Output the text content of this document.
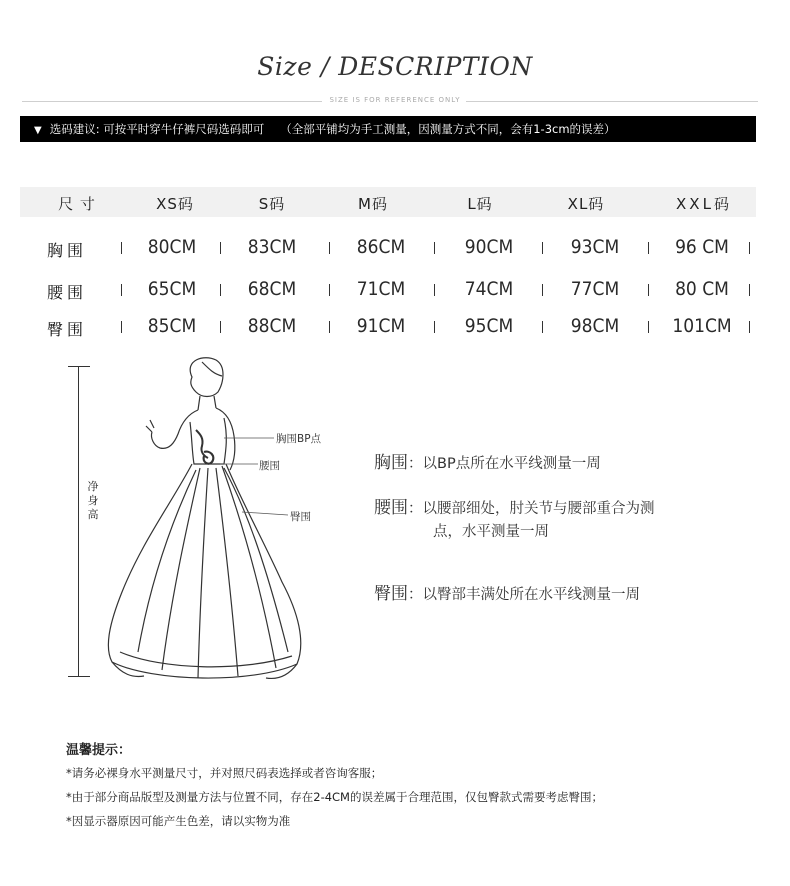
Size / DESCRIPTION
SIZE IS FOR REFERENCE ONLY
▼ 选码建议: 可按平时穿牛仔裤尺码选码即可 （全部平铺均为手工测量，因测量方式不同，会有1-3cm的误差）
尺 寸	XS码	S码	M码	L码	XL码	XXL码
胸围	80CM	83CM	86CM	90CM	93CM	96 CM
腰围	65CM	68CM	71CM	74CM	77CM	80 CM
臀围	85CM	88CM	91CM	95CM	98CM	101CM
净身高
胸围BP点
腰围
臀围
胸围：以BP点所在水平线测量一周
腰围：以腰部细处，肘关节与腰部重合为测
点，水平测量一周
臀围：以臀部丰满处所在水平线测量一周
温馨提示：
*请务必裸身水平测量尺寸，并对照尺码表选择或者咨询客服；
*由于部分商品版型及测量方法与位置不同，存在2-4CM的误差属于合理范围，仅包臀款式需要考虑臀围；
*因显示器原因可能产生色差，请以实物为准
